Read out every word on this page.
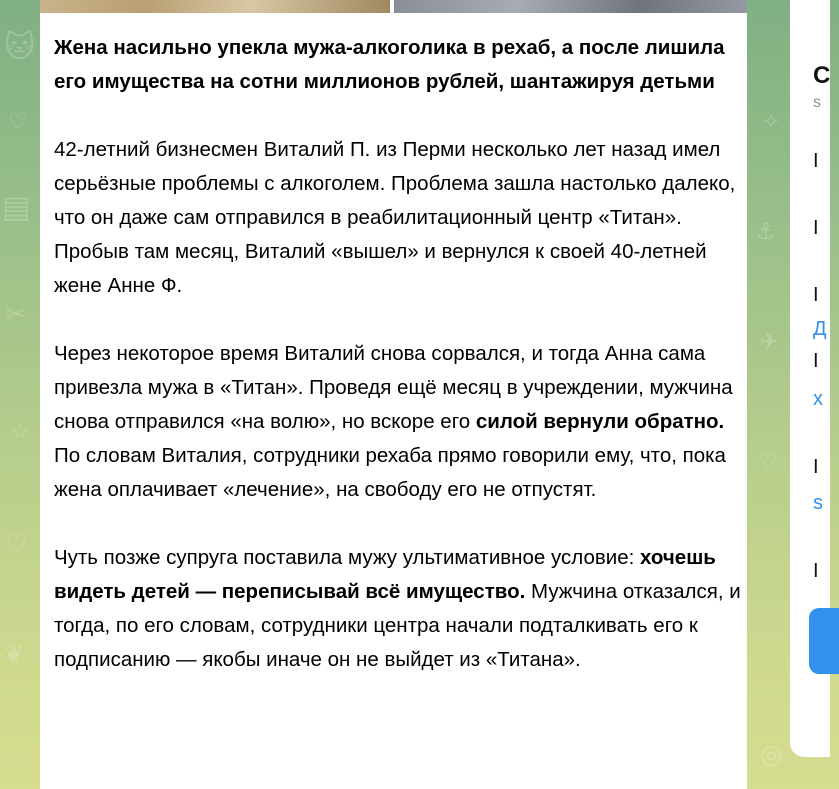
🐱
♡
▤
✂
☆
♡
❦
✧
⚓
✈
♡
◎
Жена насильно упекла мужа-алкоголика в рехаб, а после лишила его имущества на сотни миллионов рублей, шантажируя детьми
42-летний бизнесмен Виталий П. из Перми несколько лет назад имел серьёзные проблемы с алкоголем. Проблема зашла настолько далеко, что он даже сам отправился в реабилитационный центр «Титан». Пробыв там месяц, Виталий «вышел» и вернулся к своей 40-летней жене Анне Ф.
Через некоторое время Виталий снова сорвался, и тогда Анна сама привезла мужа в «Титан». Проведя ещё месяц в учреждении, мужчина снова отправился «на волю», но вскоре его силой вернули обратно. По словам Виталия, сотрудники рехаба прямо говорили ему, что, пока жена оплачивает «лечение», на свободу его не отпустят.
Чуть позже супруга поставила мужу ультимативное условие: хочешь видеть детей — переписывай всё имущество. Мужчина отказался, и тогда, по его словам, сотрудники центра начали подталкивать его к подписанию — якобы иначе он не выйдет из «Титана».
С
s
I
I
I
Д
I
х
I
s
I
